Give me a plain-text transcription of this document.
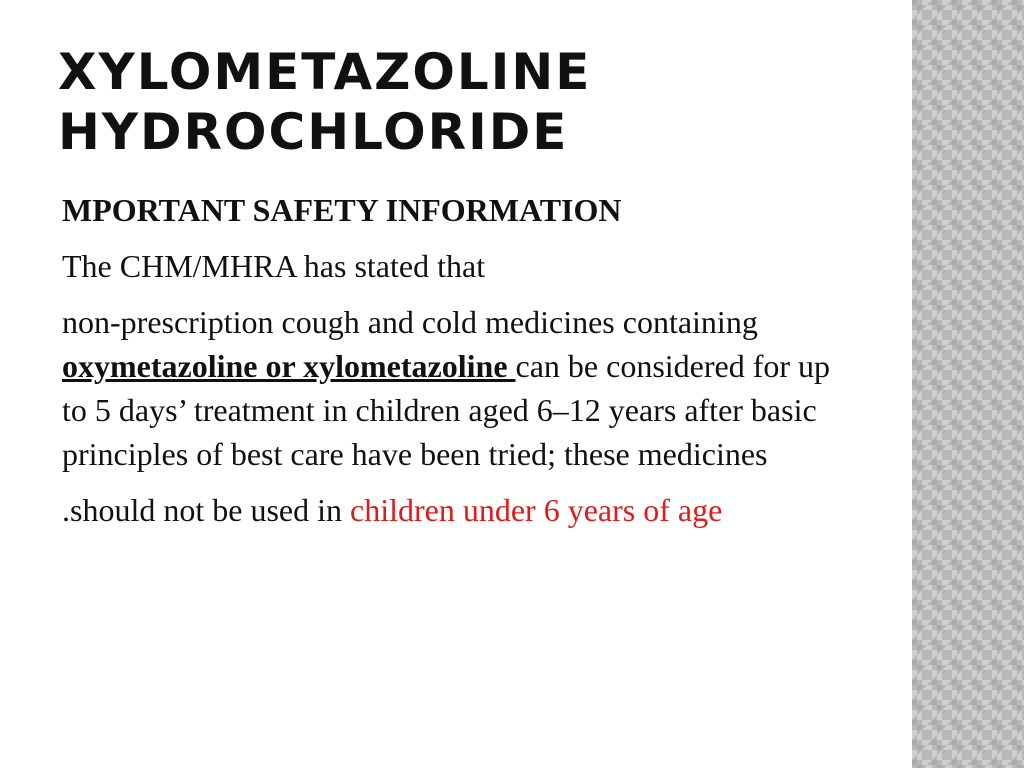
XYLOMETAZOLINE
HYDROCHLORIDE

MPORTANT SAFETY INFORMATION

The CHM/MHRA has stated that

non-prescription cough and cold medicines containing oxymetazoline or xylometazoline can be considered for up to 5 days’ treatment in children aged 6–12 years after basic principles of best care have been tried; these medicines

.should not be used in children under 6 years of age
